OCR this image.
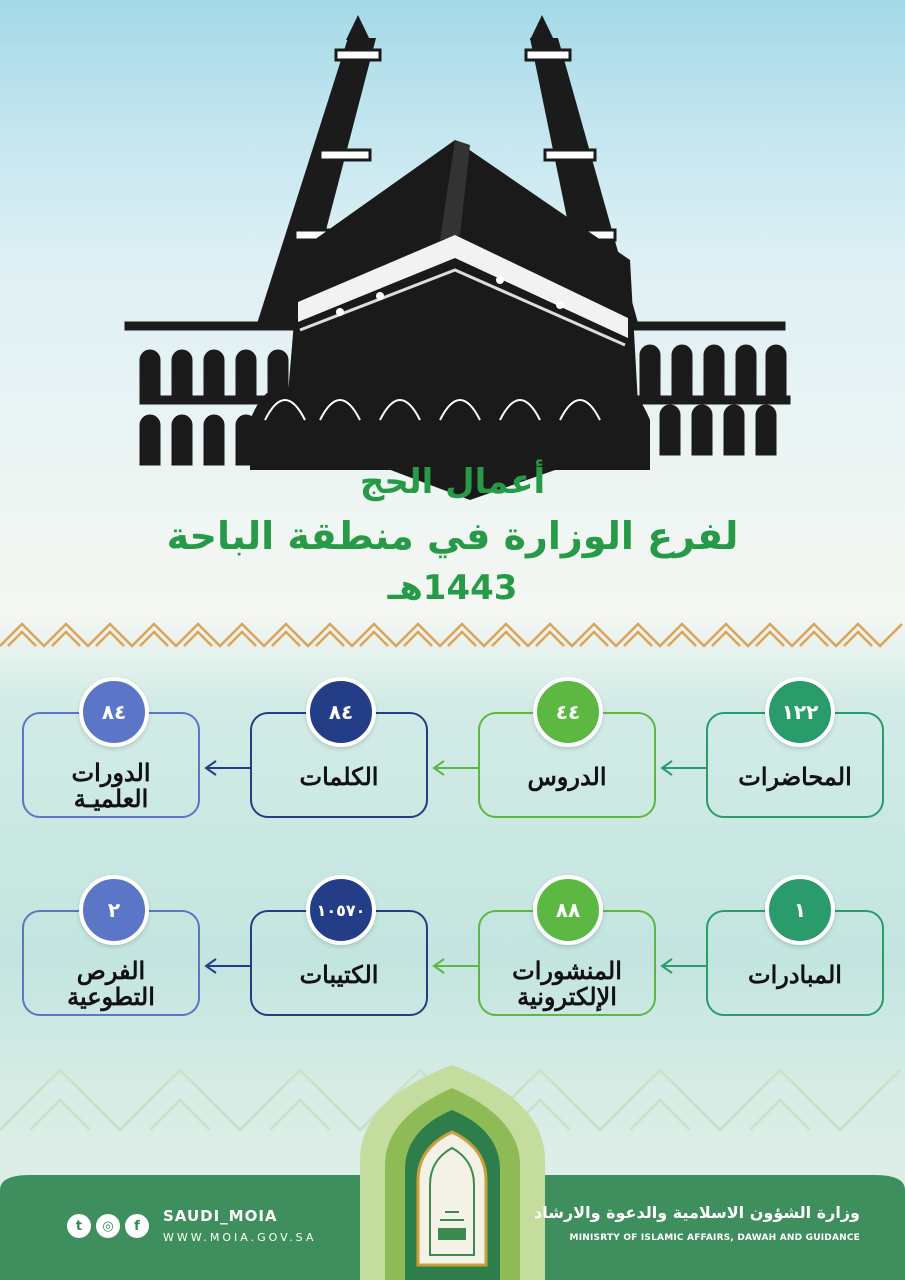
أعمال الحج
لفرع الوزارة في منطقة الباحة
1443هـ
المحاضرات
١٢٢
الدروس
٤٤
الكلمات
٨٤
الدورات
العلميـة
٨٤
المبادرات
١
المنشورات
الإلكترونية
٨٨
الكتيبات
١٠٥٧٠
الفرص
التطوعية
٢
SAUDI_MOIA
WWW.MOIA.GOV.SA
t	◎	f
وزارة الشؤون الاسلامية والدعوة والارشاد
MINISRTY OF ISLAMIC AFFAIRS, DAWAH AND GUIDANCE
